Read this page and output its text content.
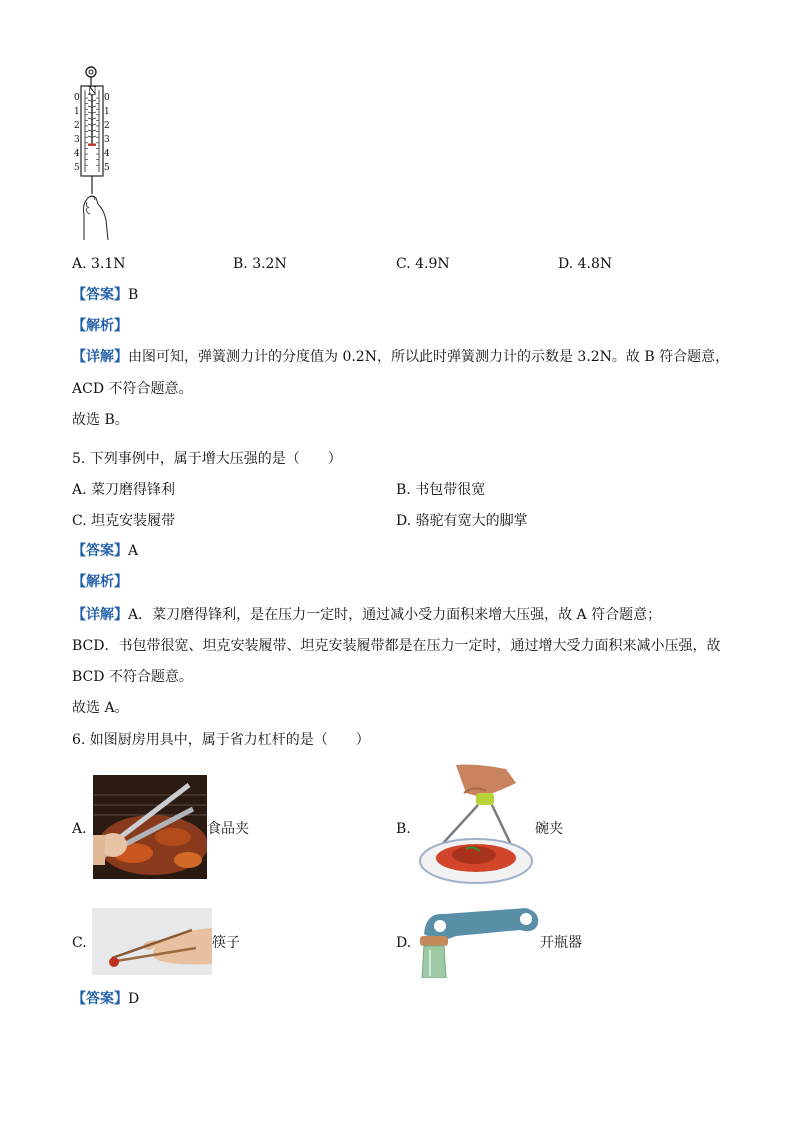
N
0
1
2
3
4
5
0
1
2
3
4
5
A. 3.1N	B. 3.2N	C. 4.9N	D. 4.8N
【答案】B
【解析】
【详解】由图可知，弹簧测力计的分度值为 0.2N，所以此时弹簧测力计的示数是 3.2N。故 B 符合题意，
ACD 不符合题意。
故选 B。
5. 下列事例中，属于增大压强的是（　　）
A. 菜刀磨得锋利	B. 书包带很宽
C. 坦克安装履带	D. 骆驼有宽大的脚掌
【答案】A
【解析】
【详解】A．菜刀磨得锋利，是在压力一定时，通过减小受力面积来增大压强，故 A 符合题意；
BCD．书包带很宽、坦克安装履带、坦克安装履带都是在压力一定时，通过增大受力面积来减小压强，故
BCD 不符合题意。
故选 A。
6. 如图厨房用具中，属于省力杠杆的是（　　）
A.	食品夹	B.	碗夹
C.	筷子	D.	开瓶器
【答案】D
